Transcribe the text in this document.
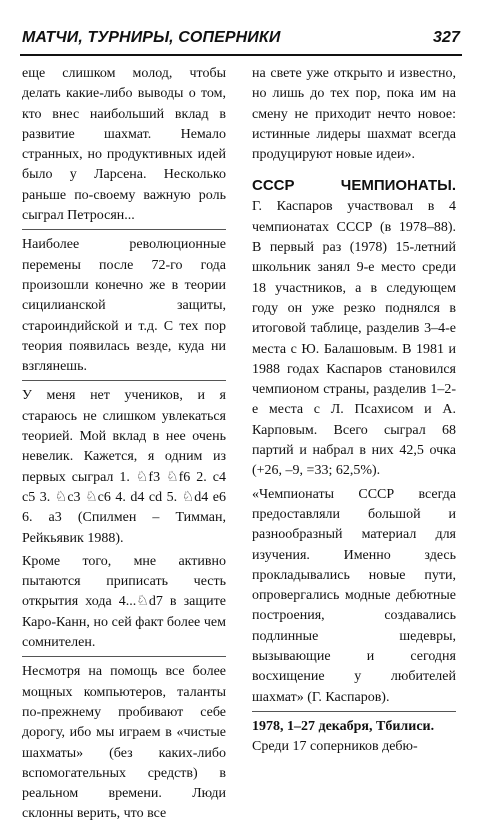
МАТЧИ, ТУРНИРЫ, СОПЕРНИКИ	327

еще слишком молод, чтобы делать какие-либо выводы о том, кто внес наибольший вклад в развитие шахмат. Немало странных, но продуктивных идей было у Ларсена. Несколько раньше по-своему важную роль сыграл Петросян...

Наиболее революционные перемены после 72-го года произошли конечно же в теории сицилианской защиты, староиндийской и т.д. С тех пор теория появилась везде, куда ни взглянешь.

У меня нет учеников, и я стараюсь не слишком увлекаться теорией. Мой вклад в нее очень невелик. Кажется, я одним из первых сыграл 1. ♘f3 ♘f6 2. c4 c5 3. ♘c3 ♘c6 4. d4 cd 5. ♘d4 e6 6. a3 (Спилмен – Тимман, Рейкьявик 1988).

Кроме того, мне активно пытаются приписать честь открытия хода 4...♘d7 в защите Каро-Канн, но сей факт более чем сомнителен.

Несмотря на помощь все более мощных компьютеров, таланты по-прежнему пробивают себе дорогу, ибо мы играем в «чистые шахматы» (без каких-либо вспомогательных средств) в реальном времени. Люди склонны верить, что все

на свете уже открыто и известно, но лишь до тех пор, пока им на смену не приходит нечто новое: истинные лидеры шахмат всегда продуцируют новые идеи».

СССР	ЧЕМПИОНАТЫ.

Г. Каспаров участвовал в 4 чемпионатах СССР (в 1978–88). В первый раз (1978) 15-летний школьник занял 9-е место среди 18 участников, а в следующем году он уже резко поднялся в итоговой таблице, разделив 3–4-е места с Ю. Балашовым. В 1981 и 1988 годах Каспаров становился чемпионом страны, разделив 1–2-е места с Л. Псахисом и А. Карповым. Всего сыграл 68 партий и набрал в них 42,5 очка (+26, –9, =33; 62,5%).

«Чемпионаты СССР всегда предоставляли большой и разнообразный материал для изучения. Именно здесь прокладывались новые пути, опровергались модные дебютные построения, создавались подлинные шедевры, вызывающие и сегодня восхищение у любителей шахмат» (Г. Каспаров).

1978, 1–27 декабря, Тбилиси.

Среди 17 соперников дебю-
